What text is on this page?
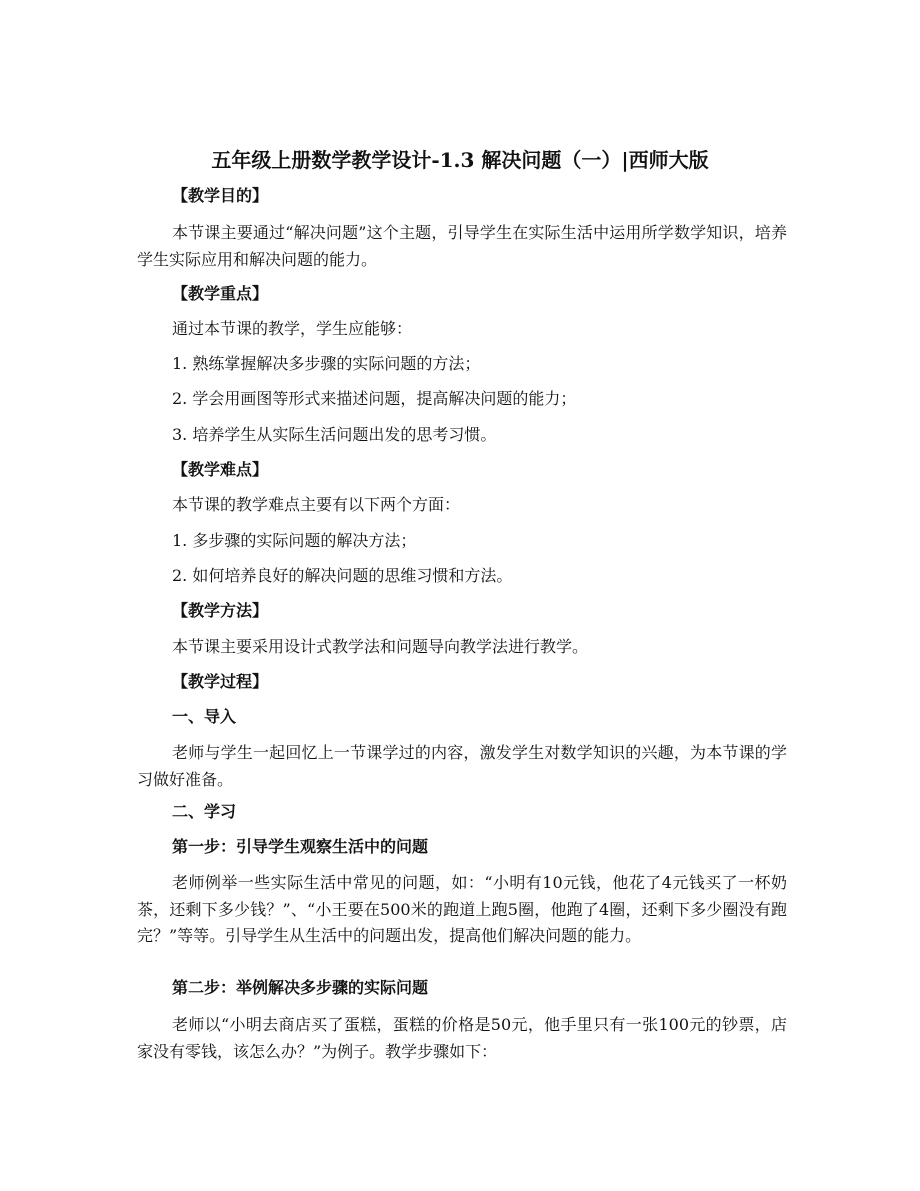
五年级上册数学教学设计-1.3 解决问题（一）|西师大版
【教学目的】
本节课主要通过“解决问题”这个主题，引导学生在实际生活中运用所学数学知识，培养学生实际应用和解决问题的能力。
【教学重点】
通过本节课的教学，学生应能够：
1. 熟练掌握解决多步骤的实际问题的方法；
2. 学会用画图等形式来描述问题，提高解决问题的能力；
3. 培养学生从实际生活问题出发的思考习惯。
【教学难点】
本节课的教学难点主要有以下两个方面：
1. 多步骤的实际问题的解决方法；
2. 如何培养良好的解决问题的思维习惯和方法。
【教学方法】
本节课主要采用设计式教学法和问题导向教学法进行教学。
【教学过程】
一、导入
老师与学生一起回忆上一节课学过的内容，激发学生对数学知识的兴趣，为本节课的学习做好准备。
二、学习
第一步：引导学生观察生活中的问题
老师例举一些实际生活中常见的问题，如：“小明有10元钱，他花了4元钱买了一杯奶茶，还剩下多少钱？”、“小王要在500米的跑道上跑5圈，他跑了4圈，还剩下多少圈没有跑完？”等等。引导学生从生活中的问题出发，提高他们解决问题的能力。
第二步：举例解决多步骤的实际问题
老师以“小明去商店买了蛋糕，蛋糕的价格是50元，他手里只有一张100元的钞票，店家没有零钱，该怎么办？”为例子。教学步骤如下：
